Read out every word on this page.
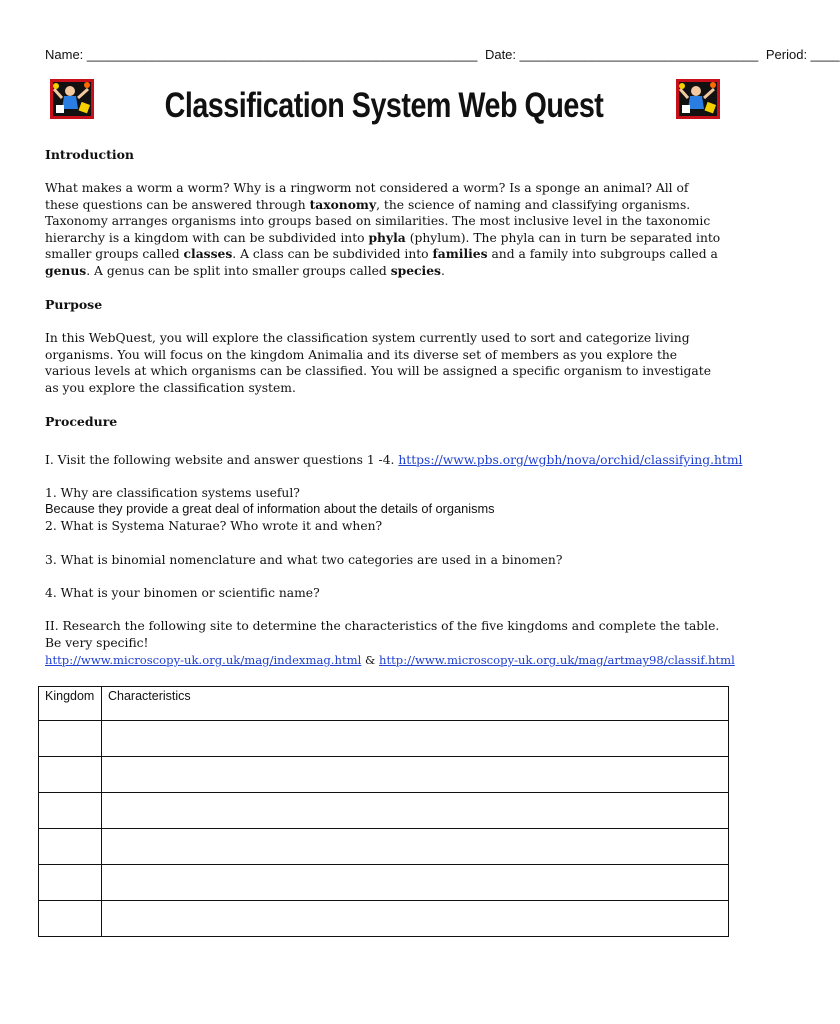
Name: ______________________________________________________ Date: _________________________________ Period: ____
Classification System Web Quest
Introduction
What makes a worm a worm? Why is a ringworm not considered a worm? Is a sponge an animal? All of these questions can be answered through taxonomy, the science of naming and classifying organisms. Taxonomy arranges organisms into groups based on similarities. The most inclusive level in the taxonomic hierarchy is a kingdom with can be subdivided into phyla (phylum). The phyla can in turn be separated into smaller groups called classes. A class can be subdivided into families and a family into subgroups called a genus. A genus can be split into smaller groups called species.
Purpose
In this WebQuest, you will explore the classification system currently used to sort and categorize living organisms. You will focus on the kingdom Animalia and its diverse set of members as you explore the various levels at which organisms can be classified. You will be assigned a specific organism to investigate as you explore the classification system.
Procedure
I. Visit the following website and answer questions 1 -4. https://www.pbs.org/wgbh/nova/orchid/classifying.html
1. Why are classification systems useful?
Because they provide a great deal of information about the details of organisms
2. What is Systema Naturae? Who wrote it and when?
3. What is binomial nomenclature and what two categories are used in a binomen?
4. What is your binomen or scientific name?
II. Research the following site to determine the characteristics of the five kingdoms and complete the table. Be very specific!
http://www.microscopy-uk.org.uk/mag/indexmag.html & http://www.microscopy-uk.org.uk/mag/artmay98/classif.html
Kingdom	Characteristics
